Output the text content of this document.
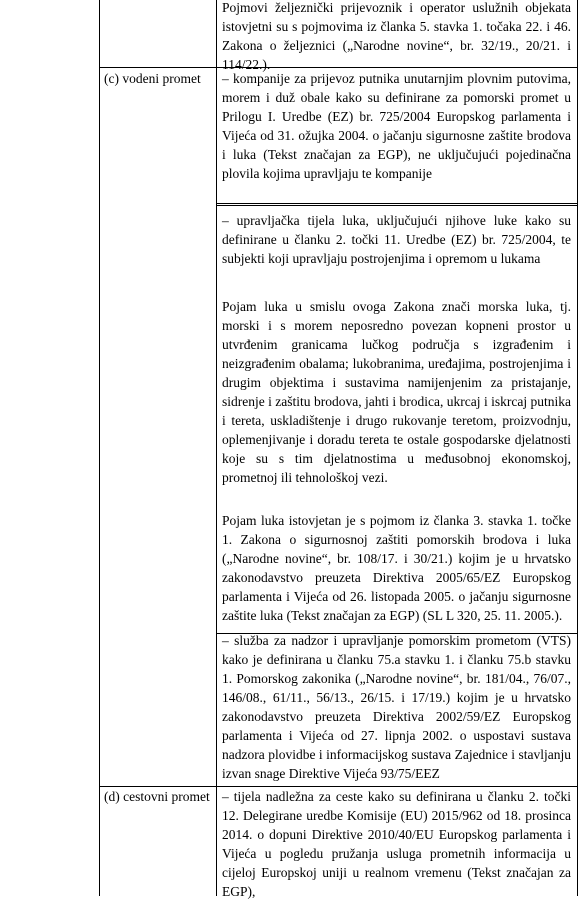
Pojmovi željeznički prijevoznik i operator uslužnih objekata istovjetni su s pojmovima iz članka 5. stavka 1. točaka 22. i 46. Zakona o željeznici („Narodne novine“, br. 32/19., 20/21. i 114/22.).
(c) vodeni promet	– kompanije za prijevoz putnika unutarnjim plovnim putovima, morem i duž obale kako su definirane za pomorski promet u Prilogu I. Uredbe (EZ) br. 725/2004 Europskog parlamenta i Vijeća od 31. ožujka 2004. o jačanju sigurnosne zaštite brodova i luka (Tekst značajan za EGP), ne uključujući pojedinačna plovila kojima upravljaju te kompanije
– upravljačka tijela luka, uključujući njihove luke kako su definirane u članku 2. točki 11. Uredbe (EZ) br. 725/2004, te subjekti koji upravljaju postrojenjima i opremom u lukama
Pojam luka u smislu ovoga Zakona znači morska luka, tj. morski i s morem neposredno povezan kopneni prostor u utvrđenim granicama lučkog područja s izgrađenim i neizgrađenim obalama; lukobranima, uređajima, postrojenjima i drugim objektima i sustavima namijenjenim za pristajanje, sidrenje i zaštitu brodova, jahti i brodica, ukrcaj i iskrcaj putnika i tereta, uskladištenje i drugo rukovanje teretom, proizvodnju, oplemenjivanje i doradu tereta te ostale gospodarske djelatnosti koje su s tim djelatnostima u međusobnoj ekonomskoj, prometnoj ili tehnološkoj vezi.
Pojam luka istovjetan je s pojmom iz članka 3. stavka 1. točke 1. Zakona o sigurnosnoj zaštiti pomorskih brodova i luka („Narodne novine“, br. 108/17. i 30/21.) kojim je u hrvatsko zakonodavstvo preuzeta Direktiva 2005/65/EZ Europskog parlamenta i Vijeća od 26. listopada 2005. o jačanju sigurnosne zaštite luka (Tekst značajan za EGP) (SL L 320, 25. 11. 2005.).
– služba za nadzor i upravljanje pomorskim prometom (VTS) kako je definirana u članku 75.a stavku 1. i članku 75.b stavku 1. Pomorskog zakonika („Narodne novine“, br. 181/04., 76/07., 146/08., 61/11., 56/13., 26/15. i 17/19.) kojim je u hrvatsko zakonodavstvo preuzeta Direktiva 2002/59/EZ Europskog parlamenta i Vijeća od 27. lipnja 2002. o uspostavi sustava nadzora plovidbe i informacijskog sustava Zajednice i stavljanju izvan snage Direktive Vijeća 93/75/EEZ
(d) cestovni promet – tijela nadležna za ceste kako su definirana u članku 2. točki 12. Delegirane uredbe Komisije (EU) 2015/962 od 18. prosinca 2014. o dopuni Direktive 2010/40/EU Europskog parlamenta i Vijeća u pogledu pružanja usluga prometnih informacija u cijeloj Europskoj uniji u realnom vremenu (Tekst značajan za EGP),
